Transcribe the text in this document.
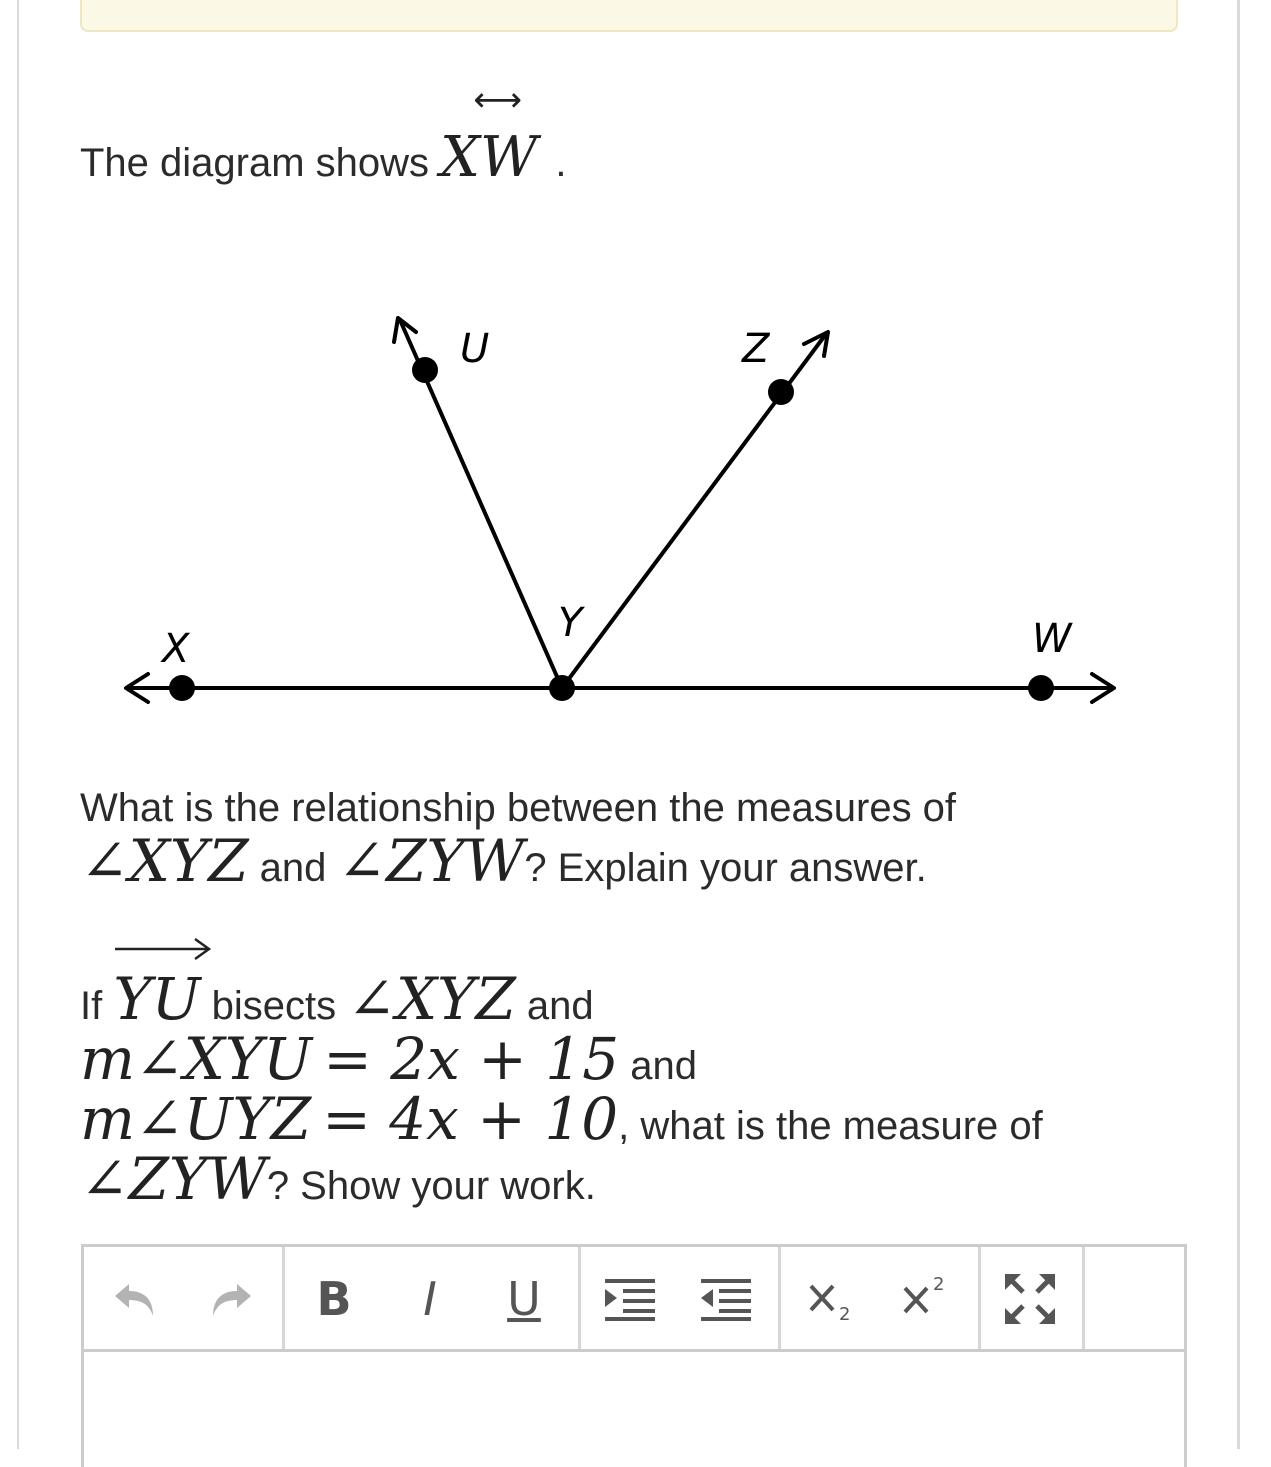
The diagram shows
⟷
XW .
U	Z
X
Y	W
What is the relationship between the measures of
∠XYZ and ∠ZYW? Explain your answer.
If YU bisects ∠XYZ and
m∠XYU = 2x + 15 and
m∠UYZ = 4x + 10, what is the measure of
∠ZYW? Show your work.
B I U	2
2
